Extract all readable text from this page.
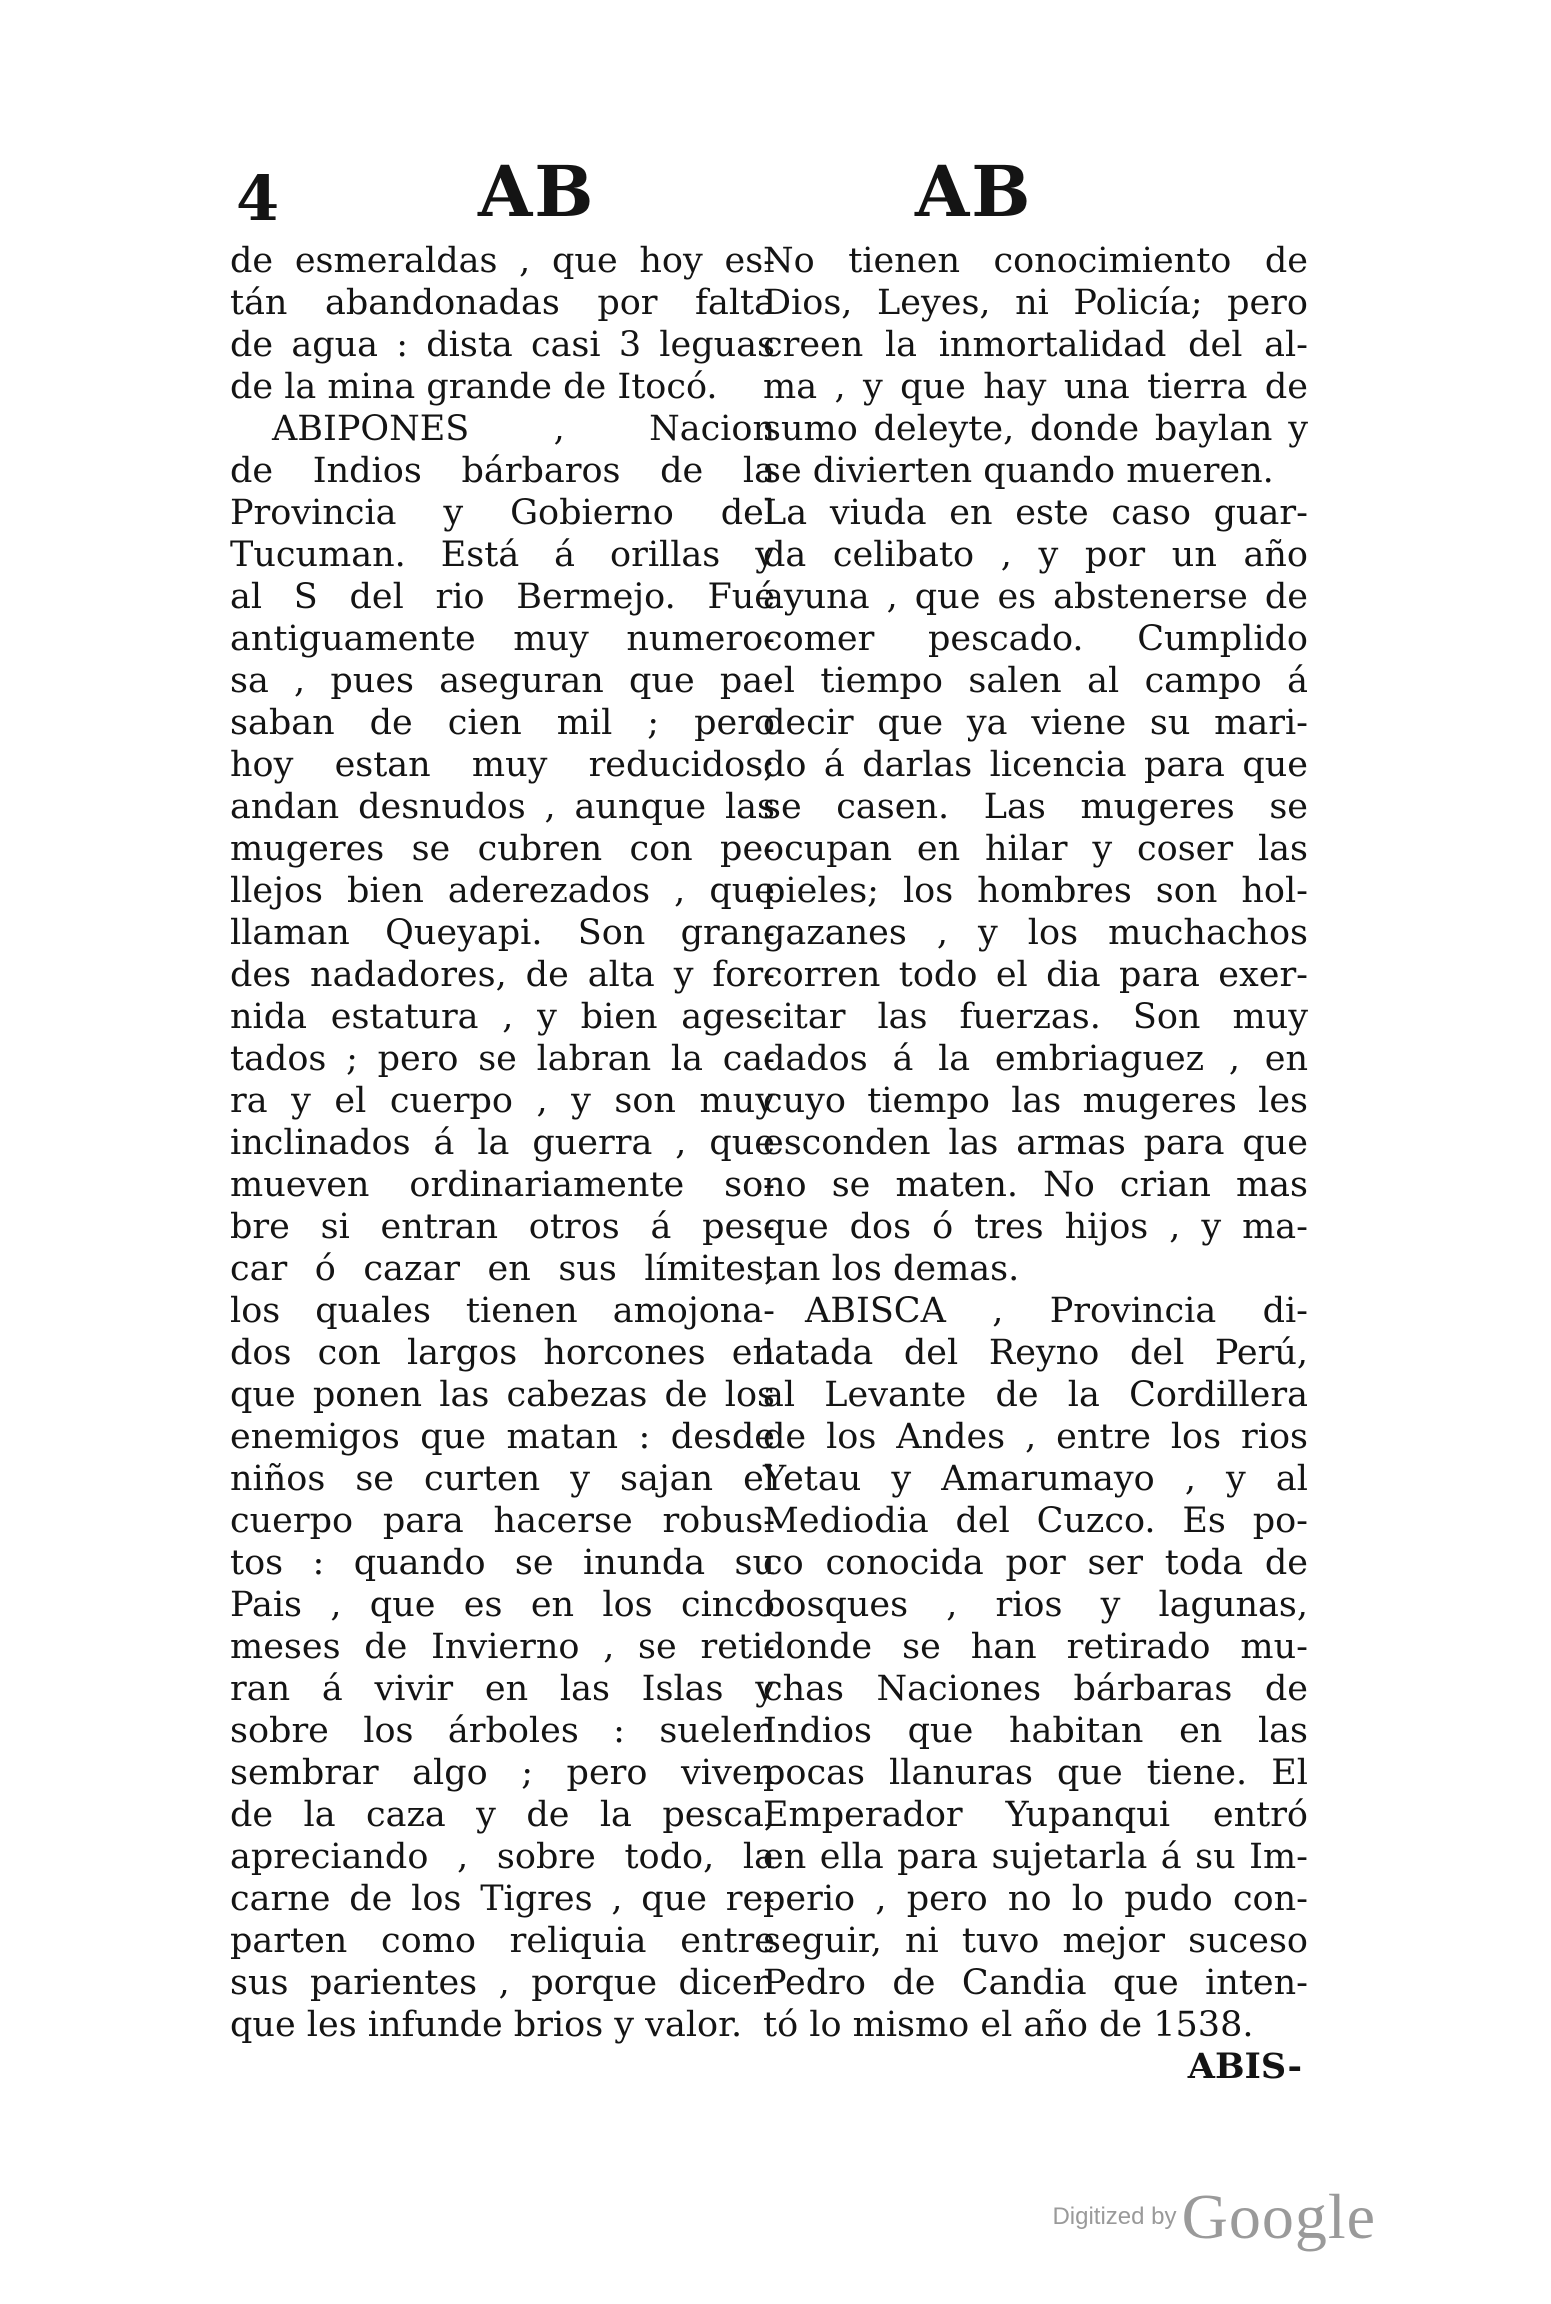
4	AB	AB
de esmeraldas , que hoy es-
tán abandonadas por falta
de agua : dista casi 3 leguas
de la mina grande de Itocó.
ABIPONES , Nacion
de Indios bárbaros de la
Provincia y Gobierno del
Tucuman. Está á orillas y
al S del rio Bermejo. Fué
antiguamente muy numero-
sa , pues aseguran que pa-
saban de cien mil ; pero
hoy estan muy reducidos;
andan desnudos , aunque las
mugeres se cubren con pe-
llejos bien aderezados , que
llaman Queyapi. Son gran-
des nadadores, de alta y for-
nida estatura , y bien ages-
tados ; pero se labran la ca-
ra y el cuerpo , y son muy
inclinados á la guerra , que
mueven ordinariamente so-
bre si entran otros á pes-
car ó cazar en sus límites,
los quales tienen amojona-
dos con largos horcones en
que ponen las cabezas de los
enemigos que matan : desde
niños se curten y sajan el
cuerpo para hacerse robus-
tos : quando se inunda su
Pais , que es en los cinco
meses de Invierno , se reti-
ran á vivir en las Islas y
sobre los árboles : suelen
sembrar algo ; pero viven
de la caza y de la pesca,
apreciando , sobre todo, la
carne de los Tigres , que re-
parten como reliquia entre
sus parientes , porque dicen
que les infunde brios y valor.
No tienen conocimiento de
Dios, Leyes, ni Policía; pero
creen la inmortalidad del al-
ma , y que hay una tierra de
sumo deleyte, donde baylan y
se divierten quando mueren.
La viuda en este caso guar-
da celibato , y por un año
ayuna , que es abstenerse de
comer pescado. Cumplido
el tiempo salen al campo á
decir que ya viene su mari-
do á darlas licencia para que
se casen. Las mugeres se
ocupan en hilar y coser las
pieles; los hombres son hol-
gazanes , y los muchachos
corren todo el dia para exer-
citar las fuerzas. Son muy
dados á la embriaguez , en
cuyo tiempo las mugeres les
esconden las armas para que
no se maten. No crian mas
que dos ó tres hijos , y ma-
tan los demas.
ABISCA , Provincia di-
latada del Reyno del Perú,
al Levante de la Cordillera
de los Andes , entre los rios
Yetau y Amarumayo , y al
Mediodia del Cuzco. Es po-
co conocida por ser toda de
bosques , rios y lagunas,
donde se han retirado mu-
chas Naciones bárbaras de
Indios que habitan en las
pocas llanuras que tiene. El
Emperador Yupanqui entró
en ella para sujetarla á su Im-
perio , pero no lo pudo con-
seguir, ni tuvo mejor suceso
Pedro de Candia que inten-
tó lo mismo el año de 1538.
ABIS-
Digitized by Google
